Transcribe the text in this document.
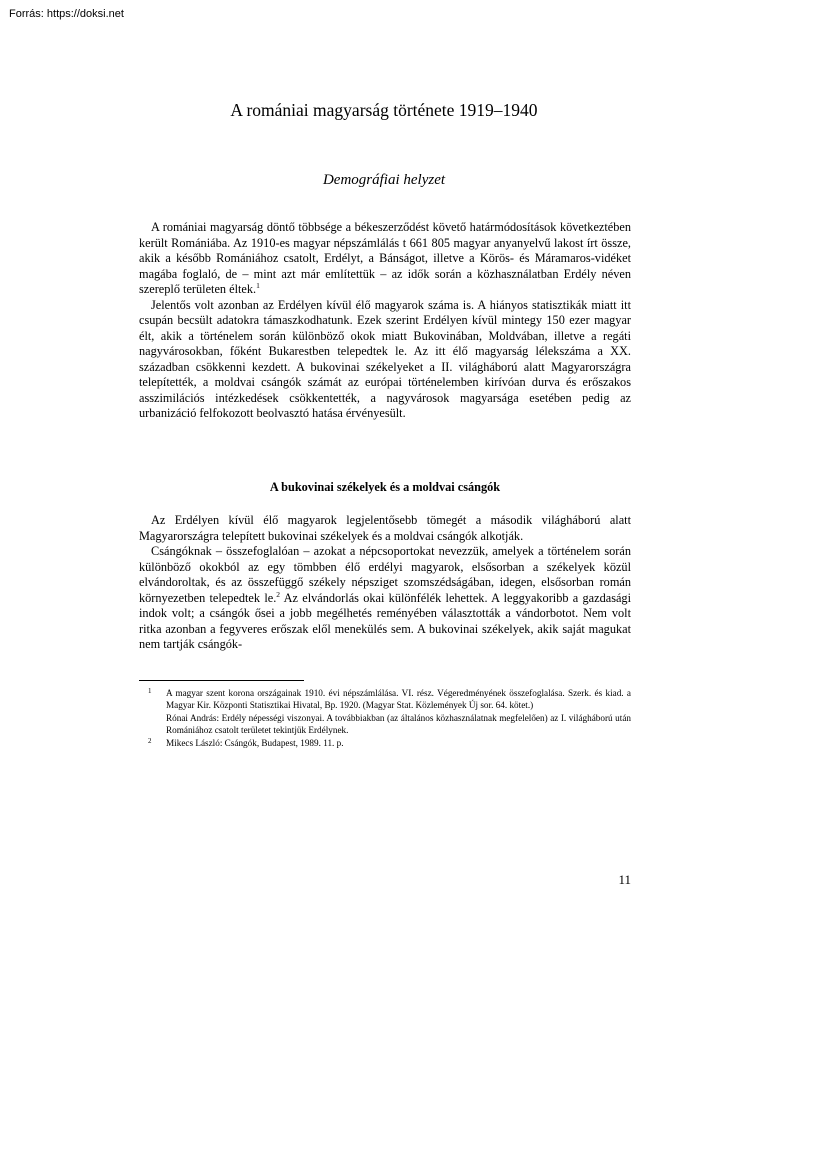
Forrás: https://doksi.net
A romániai magyarság története 1919–1940
Demográfiai helyzet

A romániai magyarság döntő többsége a békeszerződést követő határmódosítások következtében került Romániába. Az 1910-es magyar népszámlálás t 661 805 magyar anyanyelvű lakost írt össze, akik a később Romániához csatolt, Erdélyt, a Bánságot, illetve a Körös- és Máramaros-vidéket magába foglaló, de – mint azt már említettük – az idők során a közhasználatban Erdély néven szereplő területen éltek.$^1$

Jelentős volt azonban az Erdélyen kívül élő magyarok száma is. A hiányos statisztikák miatt itt csupán becsült adatokra támaszkodhatunk. Ezek szerint Erdélyen kívül mintegy 150 ezer magyar élt, akik a történelem során különböző okok miatt Bukovinában, Moldvában, illetve a regáti nagyvárosokban, főként Bukarestben telepedtek le. Az itt élő magyarság lélekszáma a XX. században csökkenni kezdett. A bukovinai székelyeket a II. világháború alatt Magyarországra telepítették, a moldvai csángók számát az európai történelemben kirívóan durva és erőszakos asszimilációs intézkedések csökkentették, a nagyvárosok magyarsága esetében pedig az urbanizáció felfokozott beolvasztó hatása érvényesült.

A bukovinai székelyek és a moldvai csángók

Az Erdélyen kívül élő magyarok legjelentősebb tömegét a második világháború alatt Magyarországra telepített bukovinai székelyek és a moldvai csángók alkotják.

Csángóknak – összefoglalóan – azokat a népcsoportokat nevezzük, amelyek a történelem során különböző okokból az egy tömbben élő erdélyi magyarok, elsősorban a székelyek közül elvándoroltak, és az összefüggő székely népsziget szomszédságában, idegen, elsősorban román környezetben telepedtek le.$^2$ Az elvándorlás okai különfélék lehettek. A leggyakoribb a gazdasági indok volt; a csángók ősei a jobb megélhetés reményében választották a vándorbotot. Nem volt ritka azonban a fegyveres erőszak elől menekülés sem. A bukovinai székelyek, akik saját magukat nem tartják csángók-

1 A magyar szent korona országainak 1910. évi népszámlálása. VI. rész. Végeredményének összefoglalása. Szerk. és kiad. a Magyar Kir. Központi Statisztikai Hivatal, Bp. 1920. (Magyar Stat. Közlemények Új sor. 64. kötet.)
Rónai András: Erdély népességi viszonyai. A továbbiakban (az általános közhasználatnak megfelelően) az I. világháború után Romániához csatolt területet tekintjük Erdélynek.
2 Mikecs László: Csángók, Budapest, 1989. 11. p.
11
